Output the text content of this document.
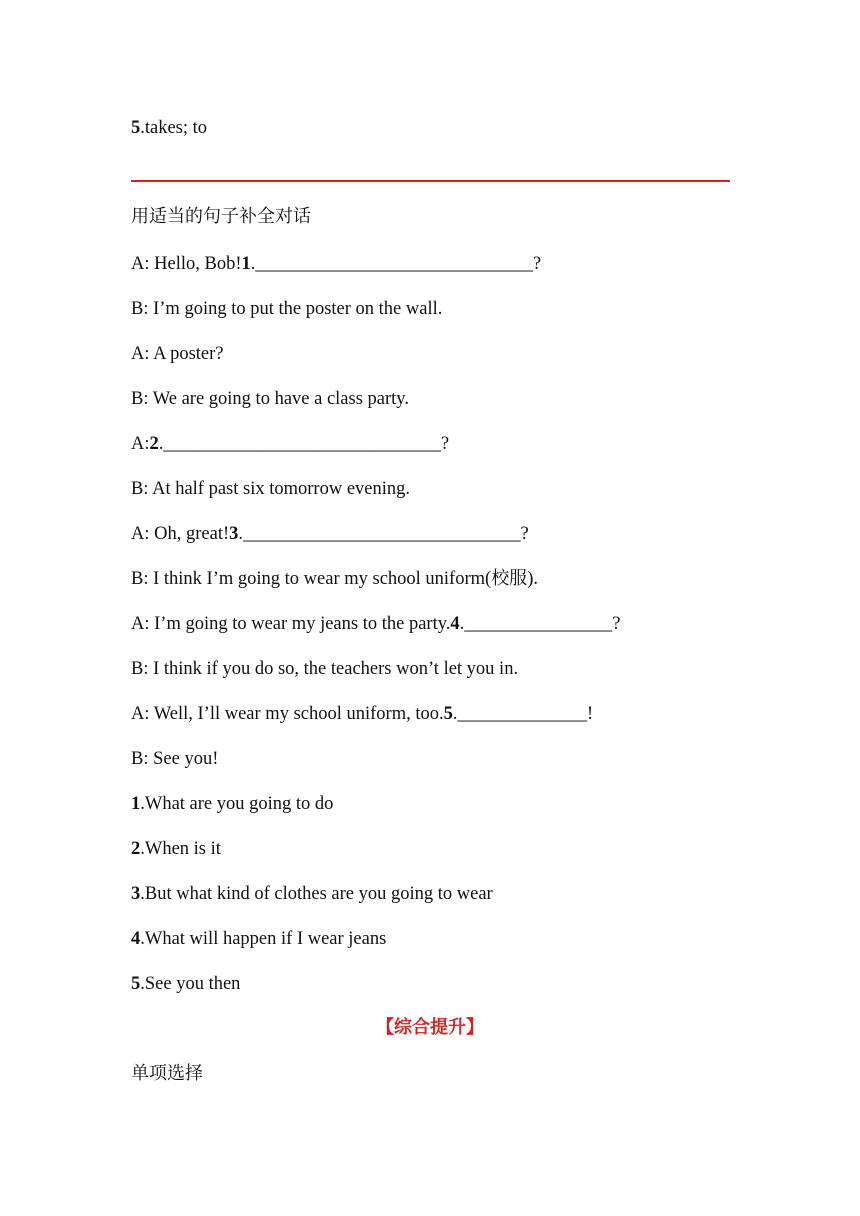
5.takes; to
用适当的句子补全对话
A: Hello, Bob!1.______________________________?
B: I’m going to put the poster on the wall.
A: A poster?
B: We are going to have a class party.
A:2.______________________________?
B: At half past six tomorrow evening.
A: Oh, great!3.______________________________?
B: I think I’m going to wear my school uniform(校服).
A: I’m going to wear my jeans to the party.4.________________?
B: I think if you do so, the teachers won’t let you in.
A: Well, I’ll wear my school uniform, too.5.______________!
B: See you!
1.What are you going to do
2.When is it
3.But what kind of clothes are you going to wear
4.What will happen if I wear jeans
5.See you then
【综合提升】
单项选择
